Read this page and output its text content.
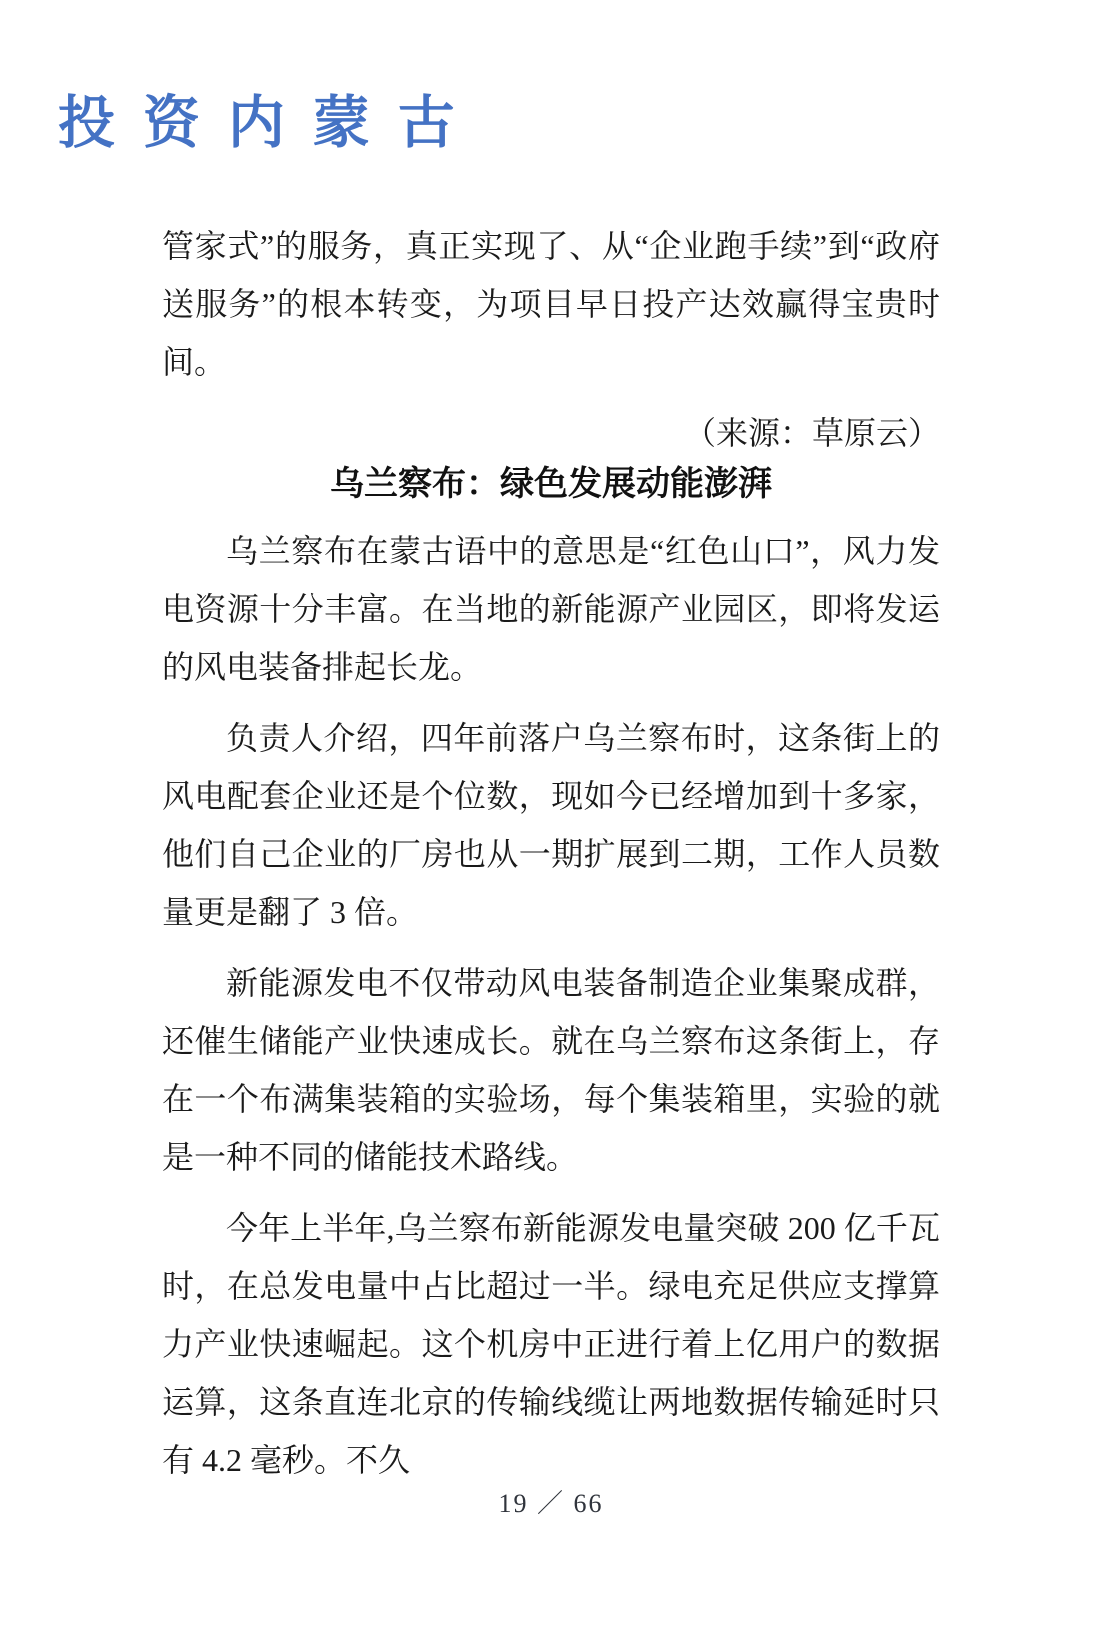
投 资 内 蒙 古

管家式”的服务，真正实现了、从“企业跑手续”到“政府送服务”的根本转变，为项目早日投产达效赢得宝贵时间。

（来源：草原云）

乌兰察布：绿色发展动能澎湃

乌兰察布在蒙古语中的意思是“红色山口”，风力发电资源十分丰富。在当地的新能源产业园区，即将发运的风电装备排起长龙。

负责人介绍，四年前落户乌兰察布时，这条街上的风电配套企业还是个位数，现如今已经增加到十多家，他们自己企业的厂房也从一期扩展到二期，工作人员数量更是翻了 3 倍。

新能源发电不仅带动风电装备制造企业集聚成群，还催生储能产业快速成长。就在乌兰察布这条街上，存在一个布满集装箱的实验场，每个集装箱里，实验的就是一种不同的储能技术路线。

今年上半年,乌兰察布新能源发电量突破 200 亿千瓦时，在总发电量中占比超过一半。绿电充足供应支撑算力产业快速崛起。这个机房中正进行着上亿用户的数据运算，这条直连北京的传输线缆让两地数据传输延时只有 4.2 毫秒。不久

19 ／ 66
